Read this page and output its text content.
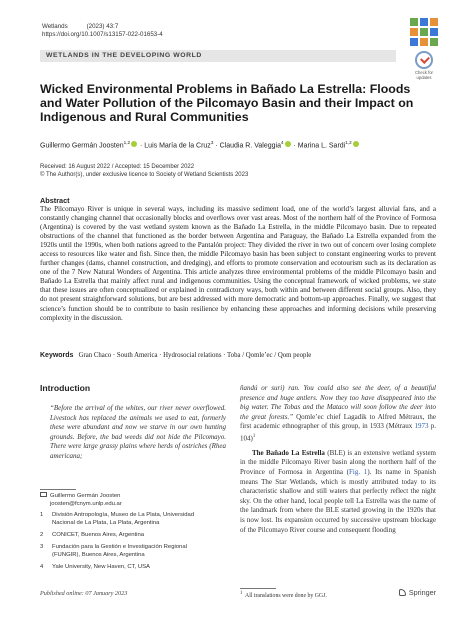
Wetlands	(2023) 43:7
https://doi.org/10.1007/s13157-022-01653-4
WETLANDS IN THE DEVELOPING WORLD
Check for updates
Wicked Environmental Problems in Bañado La Estrella: Floods and Water Pollution of the Pilcomayo Basin and their Impact on Indigenous and Rural Communities
Guillermo Germán Joosten$^{1,2}$ · Luis María de la Cruz$^3$ · Claudia R. Valeggia$^4$ · Marina L. Sardi$^{1,2}$
Received: 16 August 2022 / Accepted: 15 December 2022
© The Author(s), under exclusive licence to Society of Wetland Scientists 2023
Abstract
The Pilcomayo River is unique in several ways, including its massive sediment load, one of the world’s largest alluvial fans, and a constantly changing channel that occasionally blocks and overflows over vast areas. Most of the northern half of the Province of Formosa (Argentina) is covered by the vast wetland system known as the Bañado La Estrella, in the middle Pilcomayo basin. Due to repeated obstructions of the channel that functioned as the border between Argentina and Paraguay, the Bañado La Estrella expanded from the 1920s until the 1990s, when both nations agreed to the Pantalón project: They divided the river in two out of concern over losing complete access to resources like water and fish. Since then, the middle Pilcomayo basin has been subject to constant engineering works to prevent further changes (dams, channel construction, and dredging), and efforts to promote conservation and ecotourism such as its declaration as one of the 7 New Natural Wonders of Argentina. This article analyzes three environmental problems of the middle Pilcomayo basin and Bañado La Estrella that mainly affect rural and indigenous communities. Using the conceptual framework of wicked problems, we state that these issues are often conceptualized or explained in contradictory ways, both within and between different social groups. Also, they do not present straightforward solutions, but are best addressed with more democratic and bottom-up approaches. Finally, we suggest that science’s function should be to contribute to basin resilience by enhancing these approaches and informing decisions while preserving complexity in the discussion.
Keywords Gran Chaco · South America · Hydrosocial relations · Toba / Qomle’ec / Qom people
Introduction
“Before the arrival of the whites, our river never overflowed. Livestock has replaced the animals we used to eat, formerly these were abundant and now we starve in our own hunting grounds. Before, the bad weeds did not hide the Pilcomayo. There were large grassy plains where herds of ostriches (Rhea americana;
Guillermo Germán Joosten
joosten@fcnym.unlp.edu.ar
1 División Antropología, Museo de La Plata, Universidad
Nacional de La Plata, La Plata, Argentina
2 CONICET, Buenos Aires, Argentina
3 Fundación para la Gestión e Investigación Regional
(FUNGIR), Buenos Aires, Argentina
4 Yale University, New Haven, CT, USA
Published online: 07 January 2023

ñandú or suri) ran. You could also see the deer, of a beautiful presence and huge antlers. Now they too have disappeared into the big water. The Tobas and the Mataco will soon follow the deer into the great forests.” Qomle’ec chief Lagadik to Alfred Métraux, the first academic ethnographer of this group, in 1933 (Métraux 1973 p. 104)$^1$

The Bañado La Estrella (BLE) is an extensive wetland system in the middle Pilcomayo River basin along the northern half of the Province of Formosa in Argentina (Fig. 1). Its name in Spanish means The Star Wetlands, which is mostly attributed today to its characteristic shallow and still waters that perfectly reflect the night sky. On the other hand, local people tell La Estrella was the name of the landmark from where the BLE started growing in the 1920s that is now lost. Its expansion occurred by successive upstream blockage of the Pilcomayo River course and consequent flooding

$^1$ All translations were done by GGJ.	Springer
